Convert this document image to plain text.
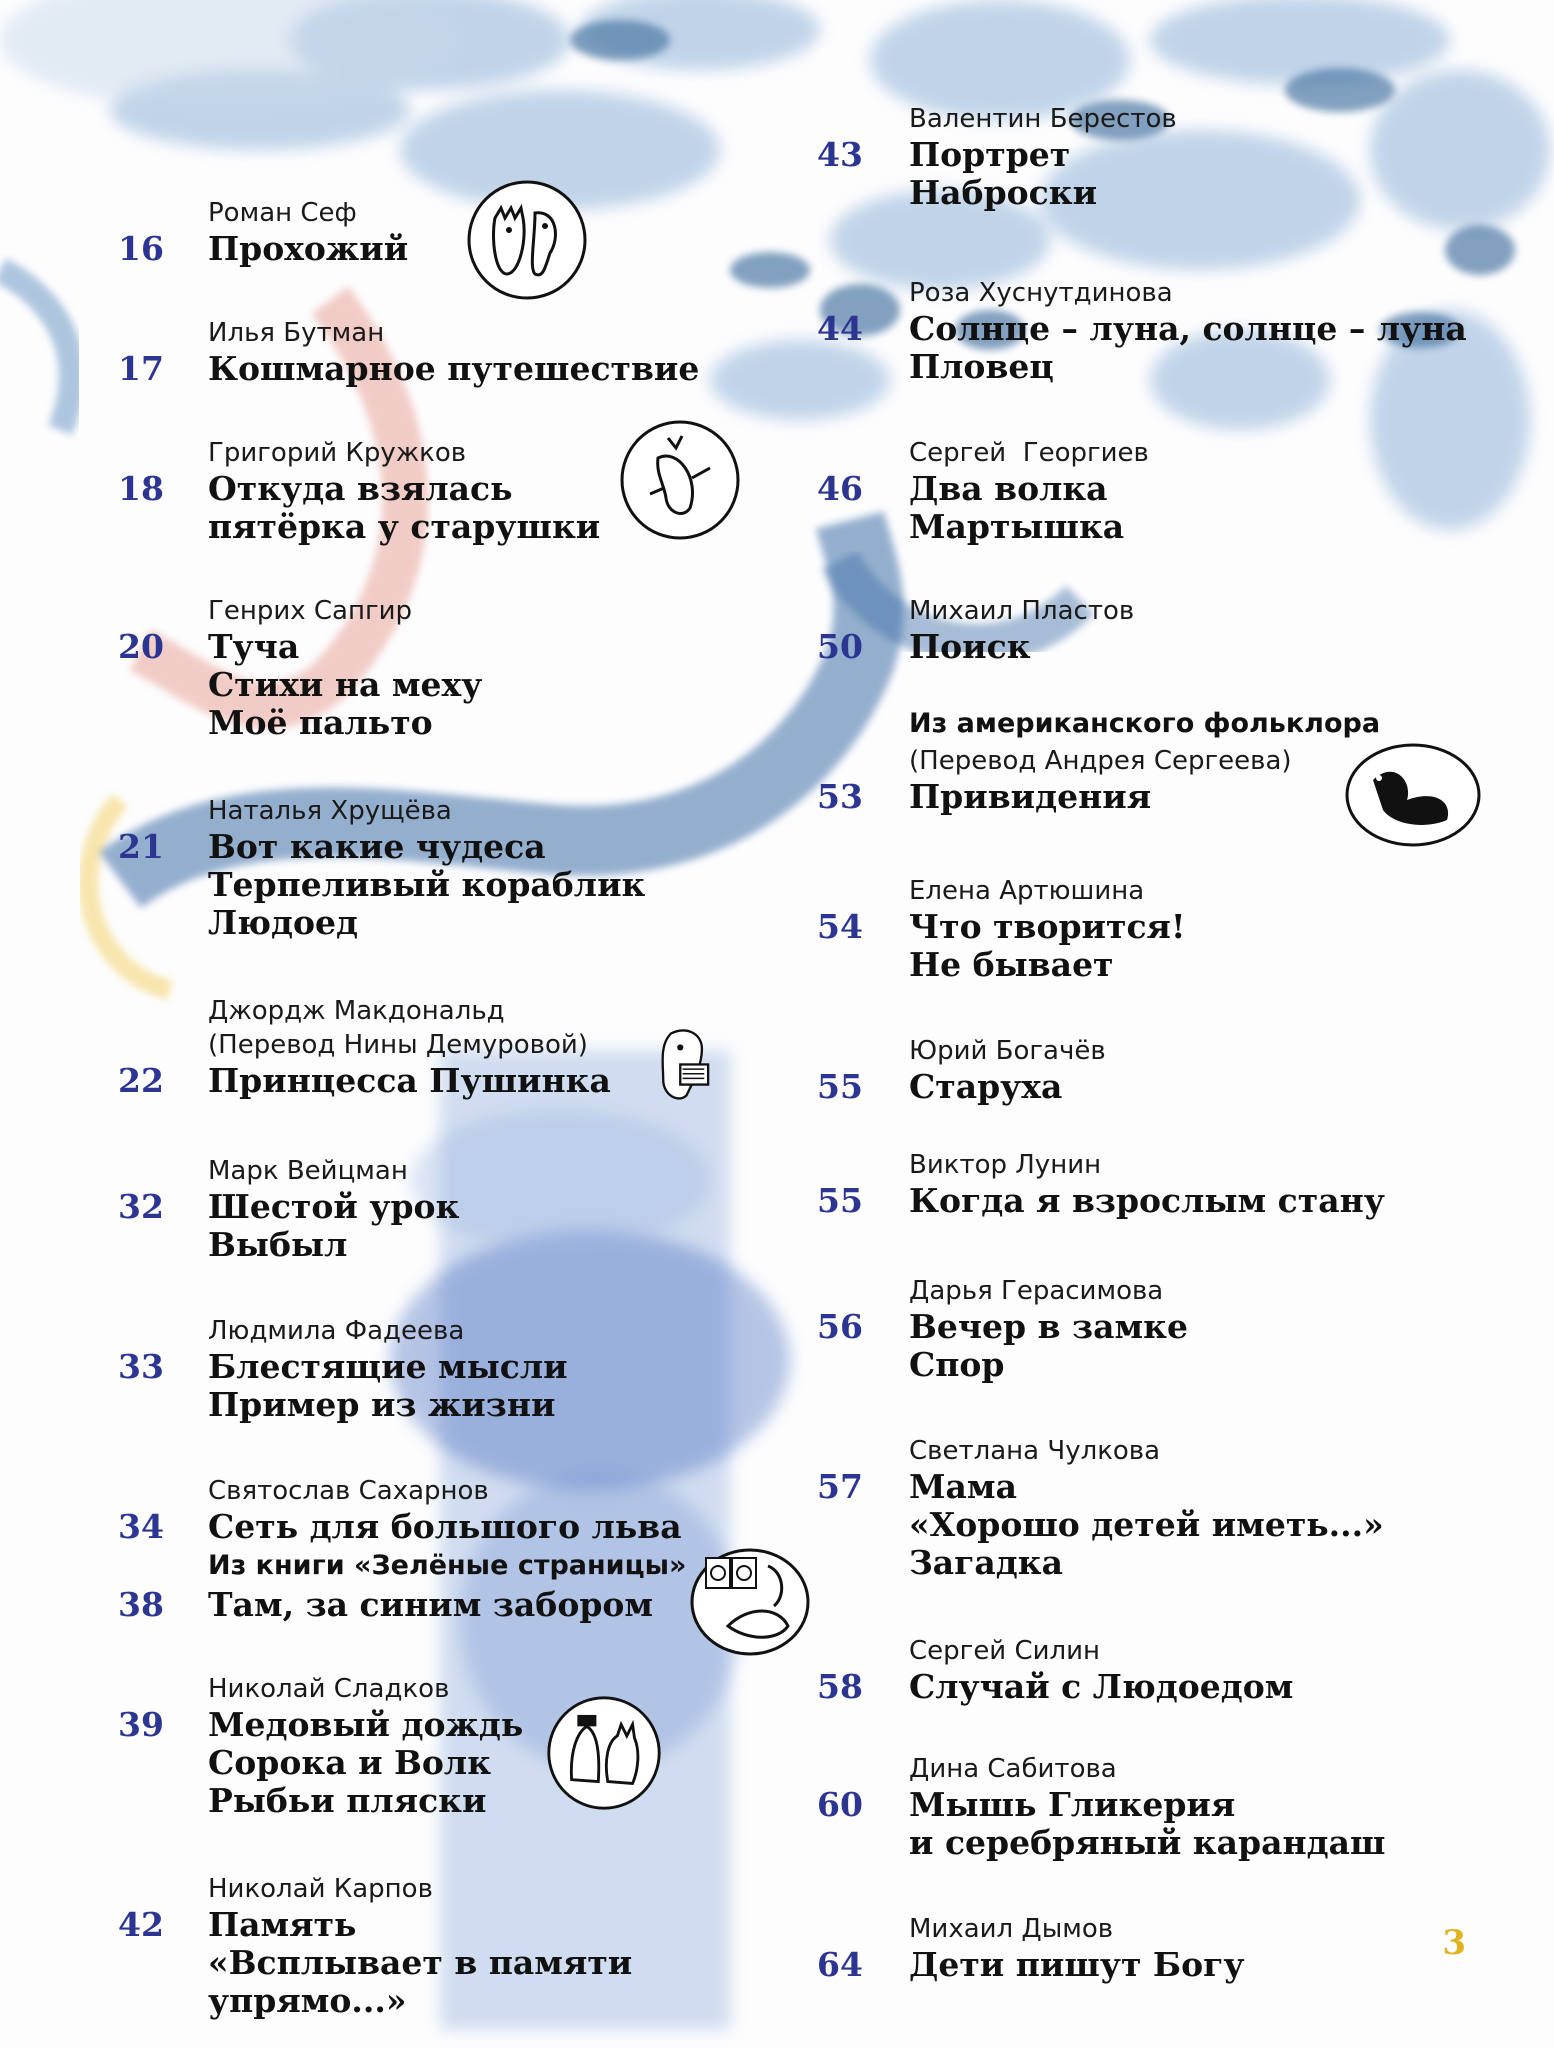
Роман Сеф
16	Прохожий
Илья Бутман
17	Кошмарное путешествие
Григорий Кружков
18	Откуда взялась
пятёрка у старушки
Генрих Сапгир
20	Туча
Стихи на меху
Моё пальто
Наталья Хрущёва
21	Вот какие чудеса
Терпеливый кораблик
Людоед
Джордж Макдональд
(Перевод Нины Демуровой)
22	Принцесса Пушинка
Марк Вейцман
32	Шестой урок
Выбыл
Людмила Фадеева
33	Блестящие мысли
Пример из жизни
Святослав Сахарнов
34	Сеть для большого льва
Из книги «Зелёные страницы»
38	Там, за синим забором
Николай Сладков
39	Медовый дождь
Сорока и Волк
Рыбьи пляски
Николай Карпов
42	Память
«Всплывает в памяти упрямо...»
Валентин Берестов
43	Портрет
Наброски
Роза Хуснутдинова
44	Солнце – луна, солнце – луна
Пловец
Сергей  Георгиев
46	Два волка
Мартышка
Михаил Пластов
50	Поиск
Из американского фольклора
(Перевод Андрея Сергеева)
53	Привидения
Елена Артюшина
54	Что творится!
Не бывает
Юрий Богачёв
55	Старуха
Виктор Лунин
55	Когда я взрослым стану
Дарья Герасимова
56	Вечер в замке
Спор
Светлана Чулкова
57	Мама
«Хорошо детей иметь...»
Загадка
Сергей Силин
58	Случай с Людоедом
Дина Сабитова
60	Мышь Гликерия
и серебряный карандаш
Михаил Дымов
64	Дети пишут Богу
3
